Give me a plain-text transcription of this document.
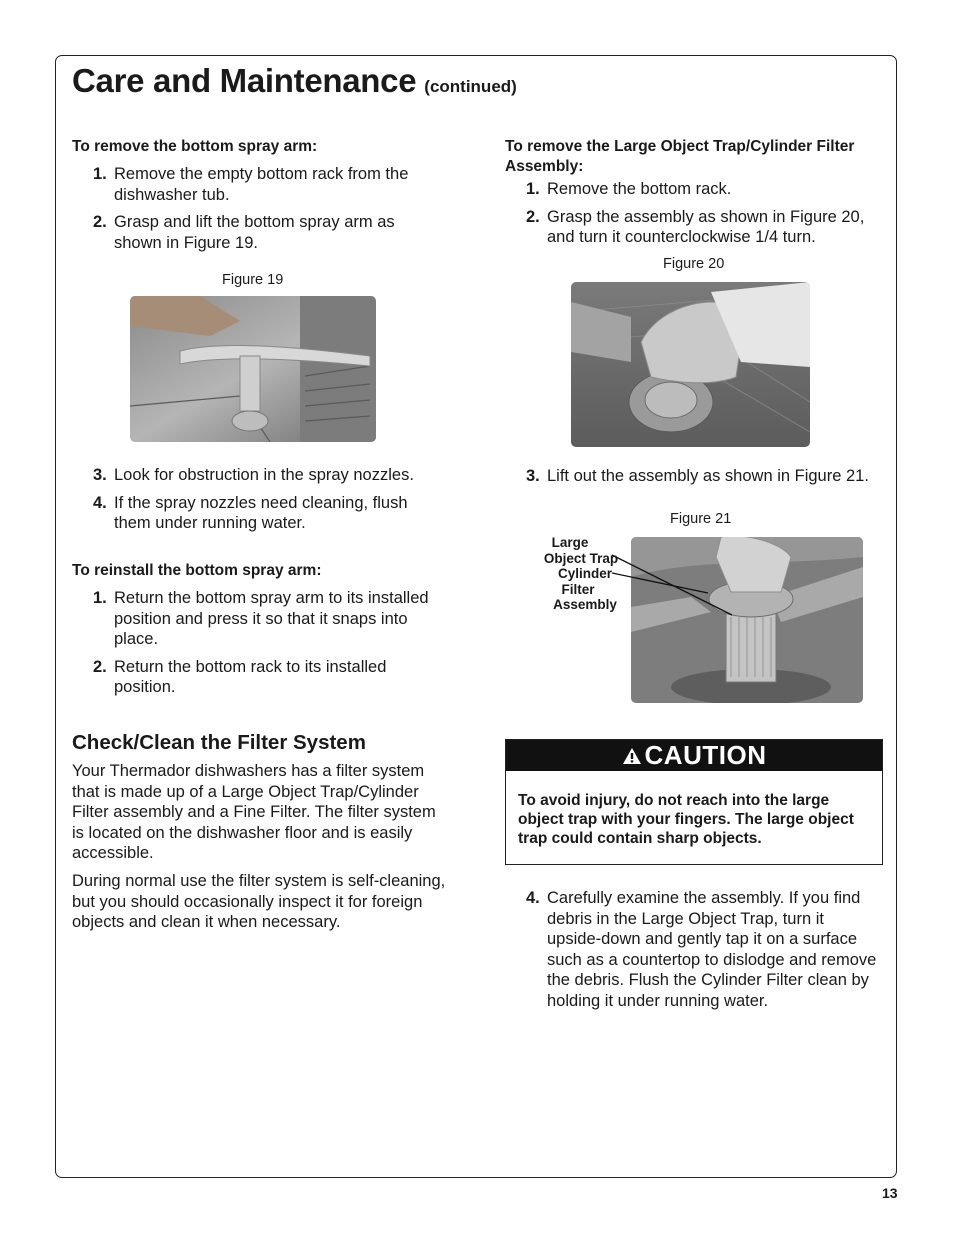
Care and Maintenance (continued)
To remove the bottom spray arm:
1. Remove the empty bottom rack from the dishwasher tub.
2. Grasp and lift the bottom spray arm as shown in Figure 19.
Figure 19
3. Look for obstruction in the spray nozzles.
4. If the spray nozzles need cleaning, flush them under running water.
To reinstall the bottom spray arm:
1. Return the bottom spray arm to its installed position and press it so that it snaps into place.
2. Return the bottom rack to its installed position.
Check/Clean the Filter System

Your Thermador dishwashers has a filter system that is made up of a Large Object Trap/Cylinder Filter assembly and a Fine Filter. The filter system is located on the dishwasher floor and is easily accessible.

During normal use the filter system is self-cleaning, but you should occasionally inspect it for foreign objects and clean it when necessary.

To remove the Large Object Trap/Cylinder Filter Assembly:
1. Remove the bottom rack.
2. Grasp the assembly as shown in Figure 20, and turn it counterclockwise 1/4 turn.
Figure 20
3. Lift out the assembly as shown in Figure 21.
Figure 21
Large
Object Trap
Cylinder
Filter
Assembly
CAUTION
To avoid injury, do not reach into the large object trap with your fingers. The large object trap could contain sharp objects.
4. Carefully examine the assembly. If you find debris in the Large Object Trap, turn it upside-down and gently tap it on a surface such as a countertop to dislodge and remove the debris. Flush the Cylinder Filter clean by holding it under running water.
13
